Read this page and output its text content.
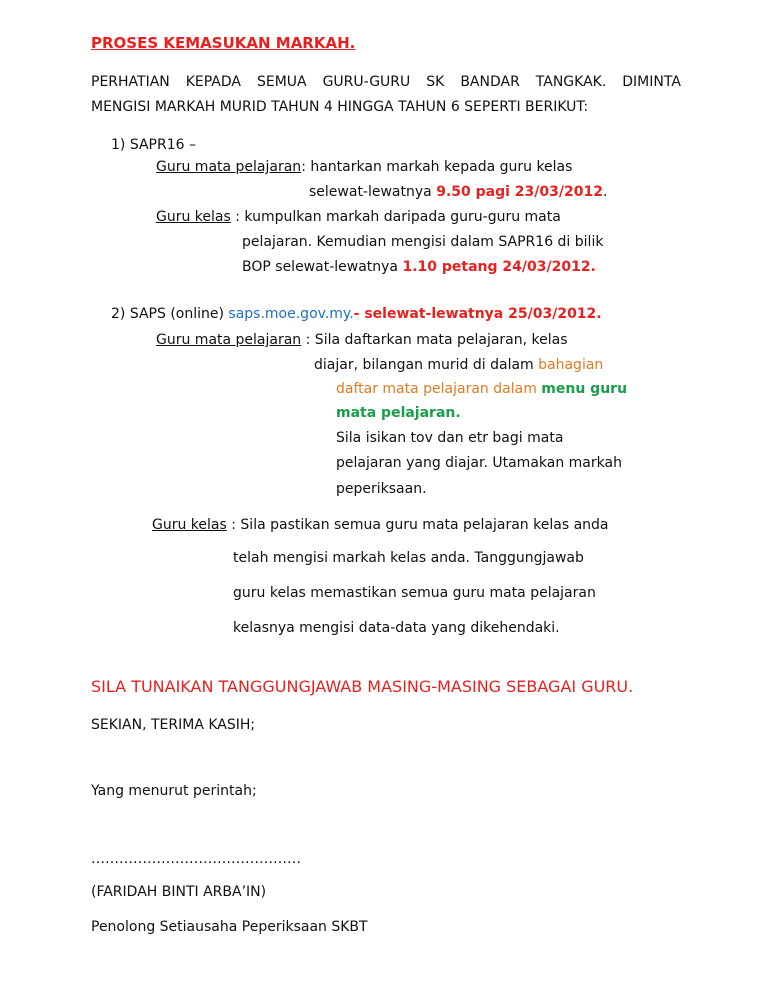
PROSES KEMASUKAN MARKAH.
PERHATIAN KEPADA SEMUA GURU-GURU SK BANDAR TANGKAK. DIMINTA
MENGISI MARKAH MURID TAHUN 4 HINGGA TAHUN 6 SEPERTI BERIKUT:
1) SAPR16 –
Guru mata pelajaran: hantarkan markah kepada guru kelas
selewat-lewatnya 9.50 pagi 23/03/2012.
Guru kelas : kumpulkan markah daripada guru-guru mata
pelajaran. Kemudian mengisi dalam SAPR16 di bilik
BOP selewat-lewatnya 1.10 petang 24/03/2012.
2) SAPS (online) saps.moe.gov.my.- selewat-lewatnya 25/03/2012.
Guru mata pelajaran : Sila daftarkan mata pelajaran, kelas
diajar, bilangan murid di dalam bahagian
daftar mata pelajaran dalam menu guru
mata pelajaran.
Sila isikan tov dan etr bagi mata
pelajaran yang diajar. Utamakan markah
peperiksaan.
Guru kelas : Sila pastikan semua guru mata pelajaran kelas anda
telah mengisi markah kelas anda. Tanggungjawab
guru kelas memastikan semua guru mata pelajaran
kelasnya mengisi data-data yang dikehendaki.
SILA TUNAIKAN TANGGUNGJAWAB MASING-MASING SEBAGAI GURU.
SEKIAN, TERIMA KASIH;
Yang menurut perintah;
………………………………………
(FARIDAH BINTI ARBA’IN)
Penolong Setiausaha Peperiksaan SKBT
